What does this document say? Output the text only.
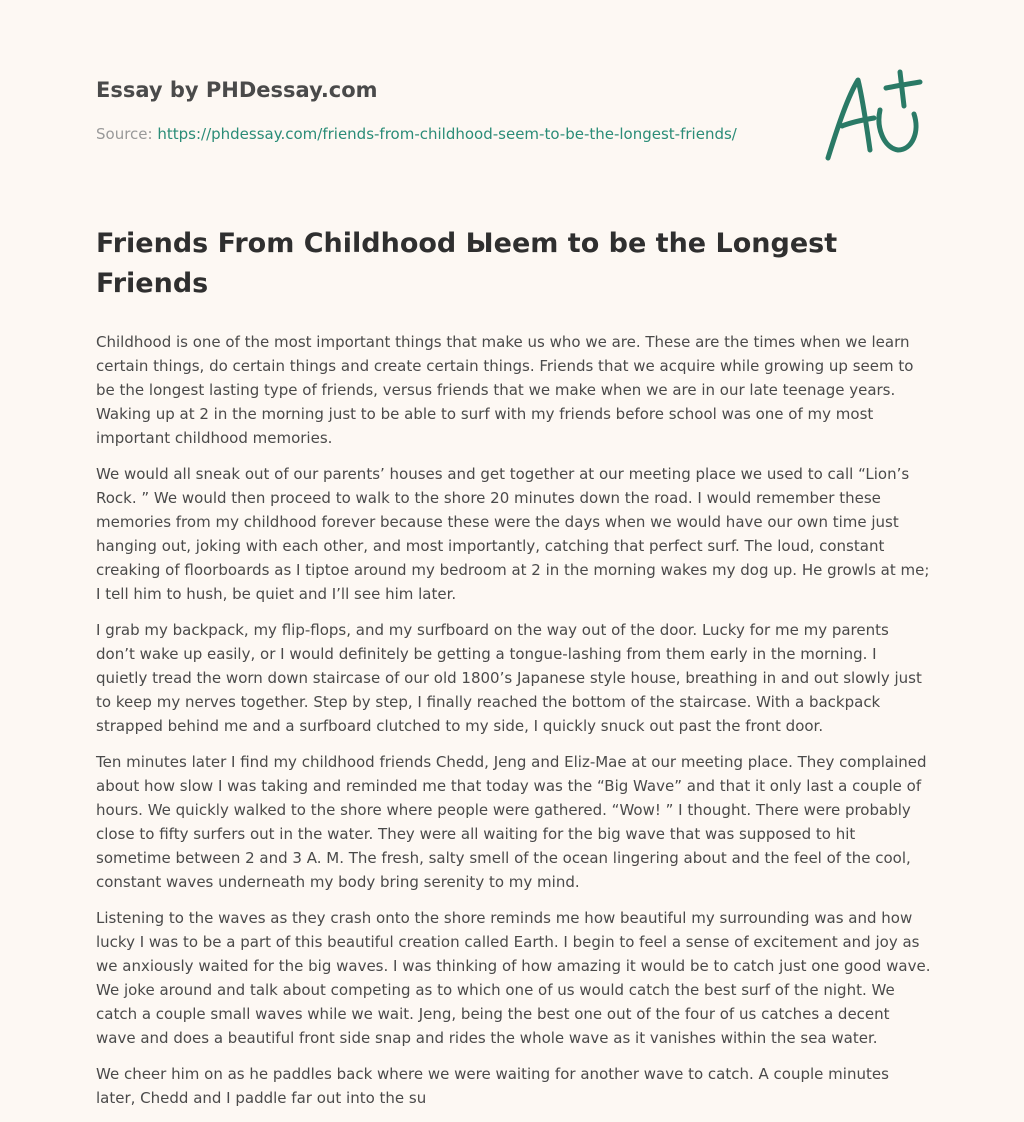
Essay by PHDessay.com
Source: https://phdessay.com/friends-from-childhood-seem-to-be-the-longest-friends/
Friends From Childhood Ыeem to be the Longest Friends

Childhood is one of the most important things that make us who we are. These are the times when we learn certain things, do certain things and create certain things. Friends that we acquire while growing up seem to be the longest lasting type of friends, versus friends that we make when we are in our late teenage years. Waking up at 2 in the morning just to be able to surf with my friends before school was one of my most important childhood memories.

We would all sneak out of our parents’ houses and get together at our meeting place we used to call “Lion’s Rock. ” We would then proceed to walk to the shore 20 minutes down the road. I would remember these memories from my childhood forever because these were the days when we would have our own time just hanging out, joking with each other, and most importantly, catching that perfect surf. The loud, constant creaking of floorboards as I tiptoe around my bedroom at 2 in the morning wakes my dog up. He growls at me; I tell him to hush, be quiet and I’ll see him later.

I grab my backpack, my flip-flops, and my surfboard on the way out of the door. Lucky for me my parents don’t wake up easily, or I would definitely be getting a tongue-lashing from them early in the morning. I quietly tread the worn down staircase of our old 1800’s Japanese style house, breathing in and out slowly just to keep my nerves together. Step by step, I finally reached the bottom of the staircase. With a backpack strapped behind me and a surfboard clutched to my side, I quickly snuck out past the front door.

Ten minutes later I find my childhood friends Chedd, Jeng and Eliz-Mae at our meeting place. They complained about how slow I was taking and reminded me that today was the “Big Wave” and that it only last a couple of hours. We quickly walked to the shore where people were gathered. “Wow! ” I thought. There were probably close to fifty surfers out in the water. They were all waiting for the big wave that was supposed to hit sometime between 2 and 3 A. M. The fresh, salty smell of the ocean lingering about and the feel of the cool, constant waves underneath my body bring serenity to my mind.

Listening to the waves as they crash onto the shore reminds me how beautiful my surrounding was and how lucky I was to be a part of this beautiful creation called Earth. I begin to feel a sense of excitement and joy as we anxiously waited for the big waves. I was thinking of how amazing it would be to catch just one good wave. We joke around and talk about competing as to which one of us would catch the best surf of the night. We catch a couple small waves while we wait. Jeng, being the best one out of the four of us catches a decent wave and does a beautiful front side snap and rides the whole wave as it vanishes within the sea water.

We cheer him on as he paddles back where we were waiting for another wave to catch. A couple minutes later, Chedd and I paddle far out into the su
